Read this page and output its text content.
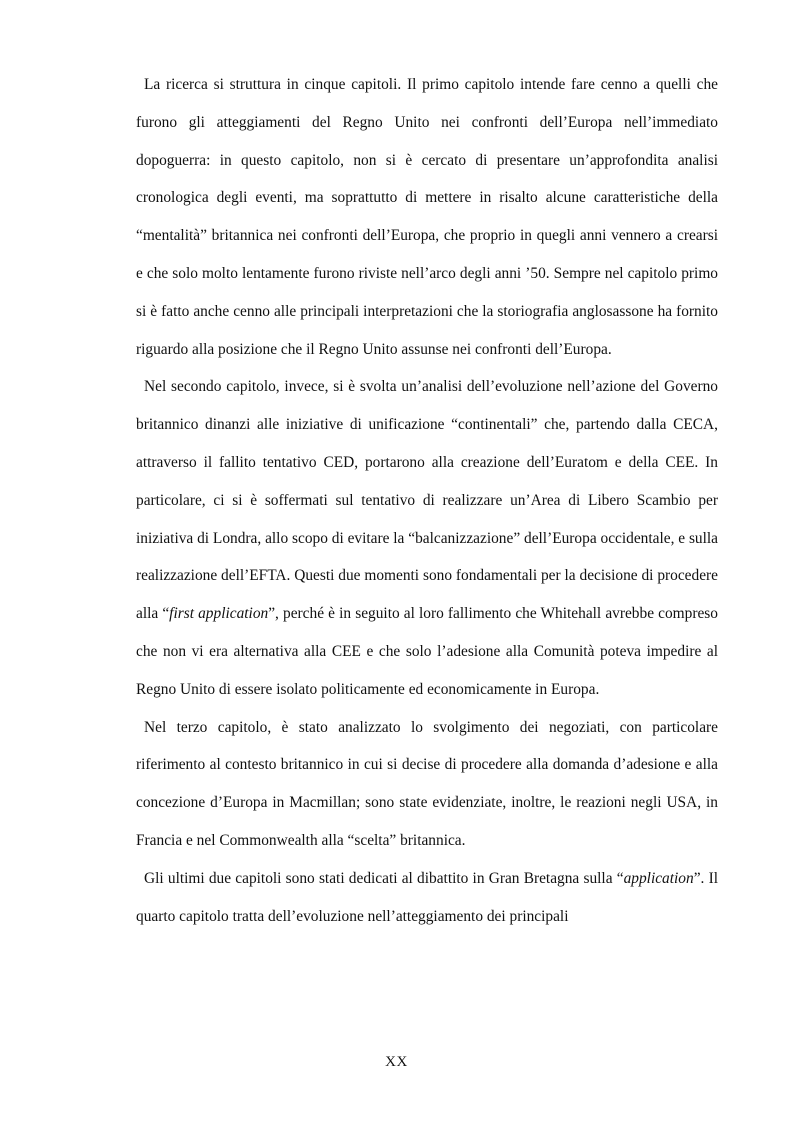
La ricerca si struttura in cinque capitoli. Il primo capitolo intende fare cenno a quelli che furono gli atteggiamenti del Regno Unito nei confronti dell’Europa nell’immediato dopoguerra: in questo capitolo, non si è cercato di presentare un’approfondita analisi cronologica degli eventi, ma soprattutto di mettere in risalto alcune caratteristiche della “mentalità” britannica nei confronti dell’Europa, che proprio in quegli anni vennero a crearsi e che solo molto lentamente furono riviste nell’arco degli anni ’50. Sempre nel capitolo primo si è fatto anche cenno alle principali interpretazioni che la storiografia anglosassone ha fornito riguardo alla posizione che il Regno Unito assunse nei confronti dell’Europa.

Nel secondo capitolo, invece, si è svolta un’analisi dell’evoluzione nell’azione del Governo britannico dinanzi alle iniziative di unificazione “continentali” che, partendo dalla CECA, attraverso il fallito tentativo CED, portarono alla creazione dell’Euratom e della CEE. In particolare, ci si è soffermati sul tentativo di realizzare un’Area di Libero Scambio per iniziativa di Londra, allo scopo di evitare la “balcanizzazione” dell’Europa occidentale, e sulla realizzazione dell’EFTA. Questi due momenti sono fondamentali per la decisione di procedere alla “first application”, perché è in seguito al loro fallimento che Whitehall avrebbe compreso che non vi era alternativa alla CEE e che solo l’adesione alla Comunità poteva impedire al Regno Unito di essere isolato politicamente ed economicamente in Europa.

Nel terzo capitolo, è stato analizzato lo svolgimento dei negoziati, con particolare riferimento al contesto britannico in cui si decise di procedere alla domanda d’adesione e alla concezione d’Europa in Macmillan; sono state evidenziate, inoltre, le reazioni negli USA, in Francia e nel Commonwealth alla “scelta” britannica.

Gli ultimi due capitoli sono stati dedicati al dibattito in Gran Bretagna sulla “application”. Il quarto capitolo tratta dell’evoluzione nell’atteggiamento dei principali

XX
